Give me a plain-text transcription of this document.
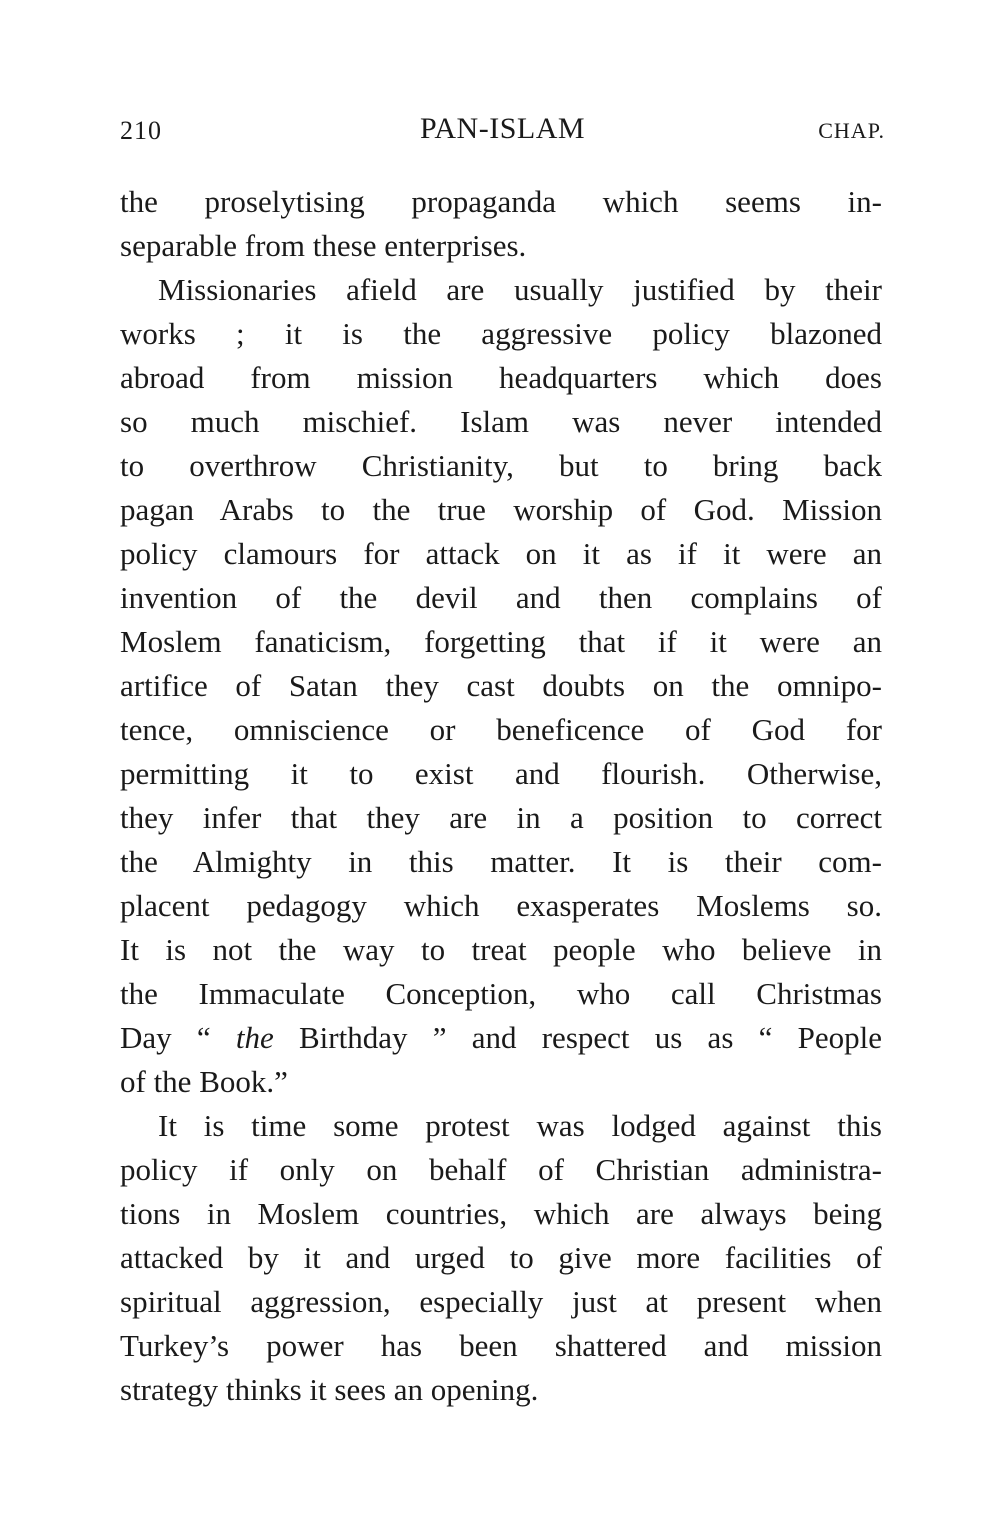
210	PAN-ISLAM	CHAP.
the proselytising propaganda which seems in-
separable from these enterprises.
Missionaries afield are usually justified by their
works ; it is the aggressive policy blazoned
abroad from mission headquarters which does
so much mischief. Islam was never intended
to overthrow Christianity, but to bring back
pagan Arabs to the true worship of God. Mission
policy clamours for attack on it as if it were an
invention of the devil and then complains of
Moslem fanaticism, forgetting that if it were an
artifice of Satan they cast doubts on the omnipo-
tence, omniscience or beneficence of God for
permitting it to exist and flourish. Otherwise,
they infer that they are in a position to correct
the Almighty in this matter. It is their com-
placent pedagogy which exasperates Moslems so.
It is not the way to treat people who believe in
the Immaculate Conception, who call Christmas
Day “ the Birthday ” and respect us as “ People
of the Book.”
It is time some protest was lodged against this
policy if only on behalf of Christian administra-
tions in Moslem countries, which are always being
attacked by it and urged to give more facilities of
spiritual aggression, especially just at present when
Turkey’s power has been shattered and mission
strategy thinks it sees an opening.
